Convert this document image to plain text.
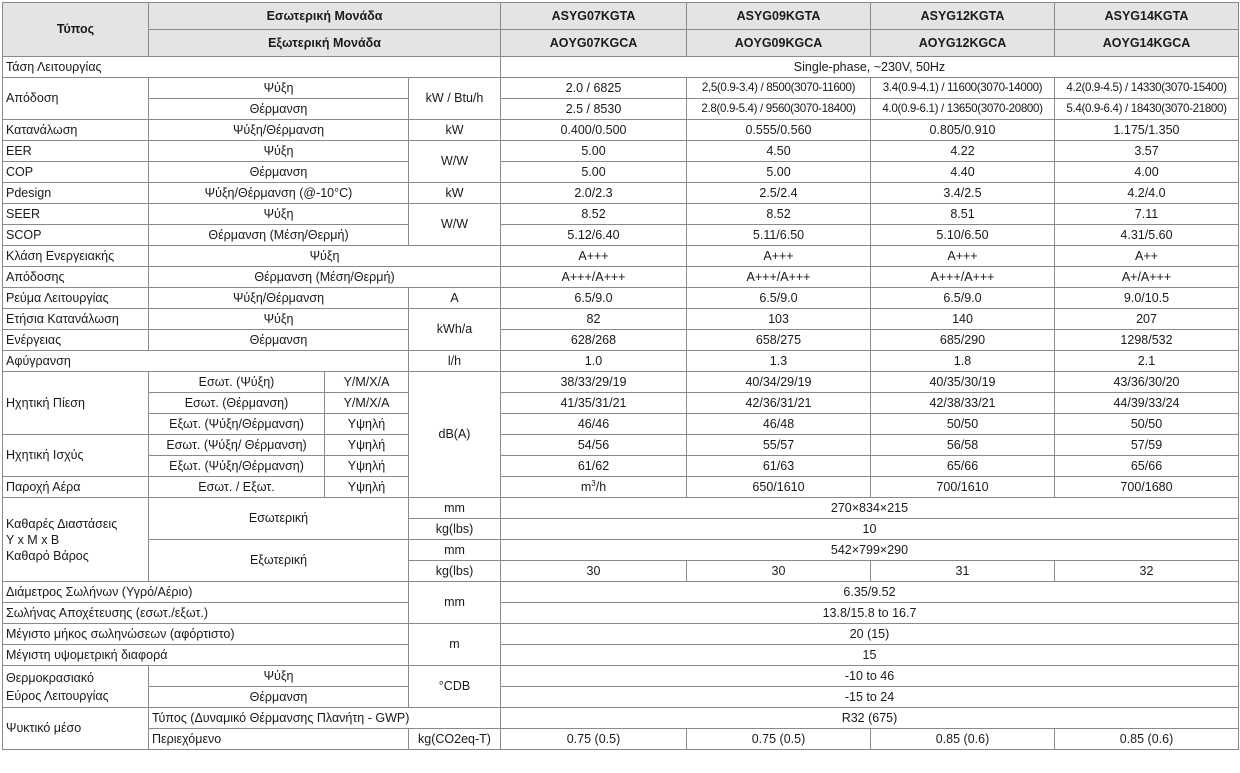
Τύπος	Εσωτερική Μονάδα			ASYG07KGTA	ASYG09KGTA	ASYG12KGTA	ASYG14KGTA	
	Εξωτερική Μονάδα			AOYG07KGCA	AOYG09KGCA	AOYG12KGCA	AOYG14KGCA	
Τάση Λειτουργίας				Single-phase, ~230V, 50Hz				
Απόδοση	Ψύξη		kW / Btu/h	2.0 / 6825	2,5(0.9-3.4) / 8500(3070-11600)	3.4(0.9-4.1) / 11600(3070-14000)	4.2(0.9-4.5) / 14330(3070-15400)	
	Θέρμανση			2.5 / 8530	2.8(0.9-5.4) / 9560(3070-18400)	4.0(0.9-6.1) / 13650(3070-20800)	5.4(0.9-6.4) / 18430(3070-21800)	
Κατανάλωση	Ψύξη/Θέρμανση		kW	0.400/0.500	0.555/0.560	0.805/0.910	1.175/1.350	
EER	Ψύξη		W/W	5.00	4.50	4.22	3.57	
COP	Θέρμανση			5.00	5.00	4.40	4.00	
Pdesign	Ψύξη/Θέρμανση (@-10°C)		kW	2.0/2.3	2.5/2.4	3.4/2.5	4.2/4.0	
SEER	Ψύξη		W/W	8.52	8.52	8.51	7.11	
SCOP	Θέρμανση (Μέση/Θερμή)			5.12/6.40	5.11/6.50	5.10/6.50	4.31/5.60	
Κλάση Ενεργειακής	Ψύξη			A+++	A+++	A+++	A++	
Απόδοσης	Θέρμανση (Μέση/Θερμή)			A+++/A+++	A+++/A+++	A+++/A+++	A+/A+++	
Ρεύμα Λειτουργίας	Ψύξη/Θέρμανση		A	6.5/9.0	6.5/9.0	6.5/9.0	9.0/10.5	
Ετήσια Κατανάλωση	Ψύξη		kWh/a	82	103	140	207	
Ενέργειας	Θέρμανση			628/268	658/275	685/290	1298/532	
Αφύγρανση			l/h	1.0	1.3	1.8	2.1	
Ηχητική Πίεση	Εσωτ. (Ψύξη)	Υ/Μ/Χ/Α	dB(A)	38/33/29/19	40/34/29/19	40/35/30/19	43/36/30/20	
	Εσωτ. (Θέρμανση)	Υ/Μ/Χ/Α		41/35/31/21	42/36/31/21	42/38/33/21	44/39/33/24	
	Εξωτ. (Ψύξη/Θέρμανση)	Υψηλή		46/46	46/48	50/50	50/50	
Ηχητική Ισχύς	Εσωτ. (Ψύξη/ Θέρμανση)	Υψηλή		54/56	55/57	56/58	57/59	
	Εξωτ. (Ψύξη/Θέρμανση)	Υψηλή		61/62	61/63	65/66	65/66	
Παροχή Αέρα	Εσωτ. / Εξωτ.	Υψηλή		$m^3/h$	650/1610	700/1610	700/1680	

Καθαρές Διαστάσεις
Υ x Μ x Β
Καθαρό Βάρος	Εσωτερική		mm	270×834×215				
			kg(lbs)	10				
	Εξωτερική		mm	542×799×290				
			kg(lbs)	30	30	31	32	
Διάμετρος Σωλήνων (Υγρό/Αέριο)			mm	6.35/9.52				
Σωλήνας Αποχέτευσης (εσωτ./εξωτ.)				13.8/15.8 to 16.7				
Μέγιστο μήκος σωληνώσεων (αφόρτιστο)			m	20 (15)				
Μέγιστη υψομετρική διαφορά				15				

Θερμοκρασιακό
Εύρος Λειτουργίας	Ψύξη		°CDB	-10 to 46				
	Θέρμανση			-15 to 24				
Ψυκτικό μέσο	Τύπος (Δυναμικό Θέρμανσης Πλανήτη - GWP)			R32 (675)				
	Περιεχόμενο		kg(CO2eq-T)	0.75 (0.5)	0.75 (0.5)	0.85 (0.6)	0.85 (0.6)	
